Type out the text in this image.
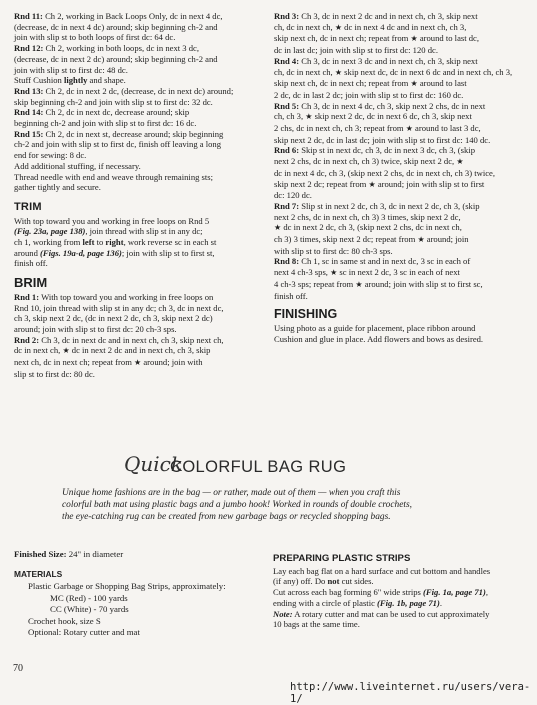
Rnd 11: Ch 2, working in Back Loops Only, dc in next 4 dc,
(decrease, dc in next 4 dc) around; skip beginning ch-2 and
join with slip st to both loops of first dc: 64 dc.
Rnd 12: Ch 2, working in both loops, dc in next 3 dc,
(decrease, dc in next 2 dc) around; skip beginning ch-2 and
join with slip st to first dc: 48 dc.
Stuff Cushion lightly and shape.
Rnd 13: Ch 2, dc in next 2 dc, (decrease, dc in next dc) around;
skip beginning ch-2 and join with slip st to first dc: 32 dc.
Rnd 14: Ch 2, dc in next dc, decrease around; skip
beginning ch-2 and join with slip st to first dc: 16 dc.
Rnd 15: Ch 2, dc in next st, decrease around; skip beginning
ch-2 and join with slip st to first dc, finish off leaving a long
end for sewing: 8 dc.
Add additional stuffing, if necessary.
Thread needle with end and weave through remaining sts;
gather tightly and secure.
TRIM
With top toward you and working in free loops on Rnd 5
(Fig. 23a, page 138), join thread with slip st in any dc;
ch 1, working from left to right, work reverse sc in each st
around (Figs. 19a-d, page 136); join with slip st to first st,
finish off.
BRIM
Rnd 1: With top toward you and working in free loops on
Rnd 10, join thread with slip st in any dc; ch 3, dc in next dc,
ch 3, skip next 2 dc, (dc in next 2 dc, ch 3, skip next 2 dc)
around; join with slip st to first dc: 20 ch-3 sps.
Rnd 2: Ch 3, dc in next dc and in next ch, ch 3, skip next ch,
dc in next ch, ★ dc in next 2 dc and in next ch, ch 3, skip
next ch, dc in next ch; repeat from ★ around; join with
slip st to first dc: 80 dc.
Rnd 3: Ch 3, dc in next 2 dc and in next ch, ch 3, skip next
ch, dc in next ch, ★ dc in next 4 dc and in next ch, ch 3,
skip next ch, dc in next ch; repeat from ★ around to last dc,
dc in last dc; join with slip st to first dc: 120 dc.
Rnd 4: Ch 3, dc in next 3 dc and in next ch, ch 3, skip next
ch, dc in next ch, ★ skip next dc, dc in next 6 dc and in next ch, ch 3,
skip next ch, dc in next ch; repeat from ★ around to last
2 dc, dc in last 2 dc; join with slip st to first dc: 160 dc.
Rnd 5: Ch 3, dc in next 4 dc, ch 3, skip next 2 chs, dc in next
ch, ch 3, ★ skip next 2 dc, dc in next 6 dc, ch 3, skip next
2 chs, dc in next ch, ch 3; repeat from ★ around to last 3 dc,
skip next 2 dc, dc in last dc; join with slip st to first dc: 140 dc.
Rnd 6: Skip st in next dc, ch 3, dc in next 3 dc, ch 3, (skip
next 2 chs, dc in next ch, ch 3) twice, skip next 2 dc, ★
dc in next 4 dc, ch 3, (skip next 2 chs, dc in next ch, ch 3) twice,
skip next 2 dc; repeat from ★ around; join with slip st to first
dc: 120 dc.
Rnd 7: Slip st in next 2 dc, ch 3, dc in next 2 dc, ch 3, (skip
next 2 chs, dc in next ch, ch 3) 3 times, skip next 2 dc,
★ dc in next 2 dc, ch 3, (skip next 2 chs, dc in next ch,
ch 3) 3 times, skip next 2 dc; repeat from ★ around; join
with slip st to first dc: 80 ch-3 sps.
Rnd 8: Ch 1, sc in same st and in next dc, 3 sc in each of
next 4 ch-3 sps, ★ sc in next 2 dc, 3 sc in each of next
4 ch-3 sps; repeat from ★ around; join with slip st to first sc,
finish off.
FINISHING
Using photo as a guide for placement, place ribbon around
Cushion and glue in place. Add flowers and bows as desired.
Quick
COLORFUL BAG RUG
Unique home fashions are in the bag — or rather, made out of them — when you craft this
colorful bath mat using plastic bags and a jumbo hook! Worked in rounds of double crochets,
the eye-catching rug can be created from new garbage bags or recycled shopping bags.
Finished Size: 24" in diameter
MATERIALS
Plastic Garbage or Shopping Bag Strips, approximately:
MC (Red) - 100 yards
CC (White) - 70 yards
Crochet hook, size S
Optional: Rotary cutter and mat
PREPARING PLASTIC STRIPS
Lay each bag flat on a hard surface and cut bottom and handles
(if any) off. Do not cut sides.
Cut across each bag forming 6" wide strips (Fig. 1a, page 71),
ending with a circle of plastic (Fig. 1b, page 71).
Note: A rotary cutter and mat can be used to cut approximately
10 bags at the same time.
70
http://www.liveinternet.ru/users/vera-1/
